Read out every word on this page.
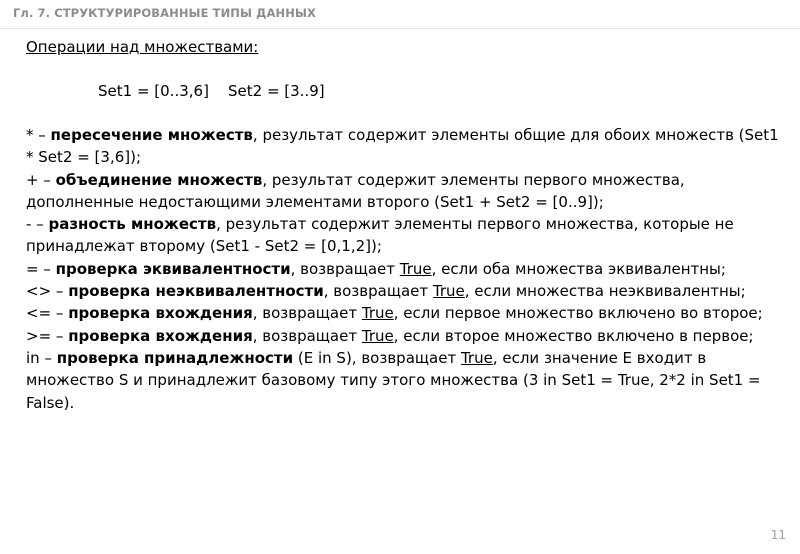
Гл. 7. СТРУКТУРИРОВАННЫЕ ТИПЫ ДАННЫХ
Операции над множествами:
Set1 = [0..3,6] Set2 = [3..9]

* – пересечение множеств, результат содержит элементы общие для обоих множеств (Set1 * Set2 = [3,6]);

+ – объединение множеств, результат содержит элементы первого множества, дополненные недостающими элементами второго (Set1 + Set2 = [0..9]);

- – разность множеств, результат содержит элементы первого множества, которые не принадлежат второму (Set1 - Set2 = [0,1,2]);

= – проверка эквивалентности, возвращает True, если оба множества эквивалентны;

<> – проверка неэквивалентности, возвращает True, если множества неэквивалентны;

<= – проверка вхождения, возвращает True, если первое множество включено во второе;

>= – проверка вхождения, возвращает True, если второе множество включено в первое;

in – проверка принадлежности (E in S), возвращает True, если значение E входит в множество S и принадлежит базовому типу этого множества (3 in Set1 = True, 2*2 in Set1 = False).

11
